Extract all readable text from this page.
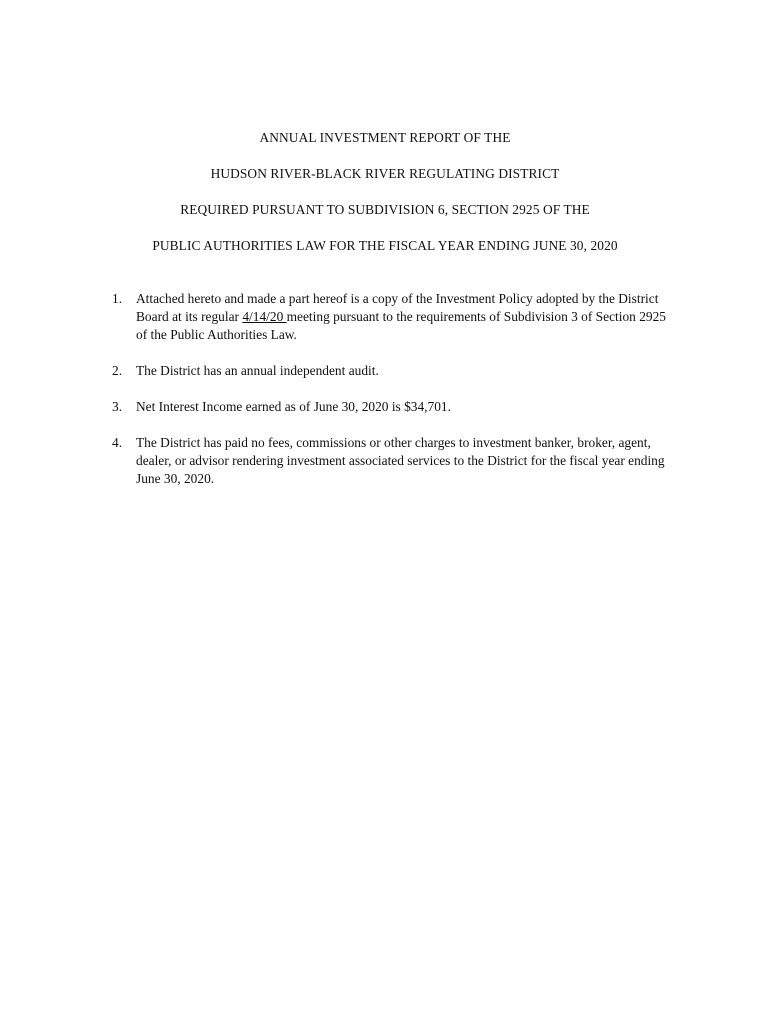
ANNUAL INVESTMENT REPORT OF THE

HUDSON RIVER-BLACK RIVER REGULATING DISTRICT

REQUIRED PURSUANT TO SUBDIVISION 6, SECTION 2925 OF THE

PUBLIC AUTHORITIES LAW FOR THE FISCAL YEAR ENDING JUNE 30, 2020

1. Attached hereto and made a part hereof is a copy of the Investment Policy adopted by the District Board at its regular 4/14/20 meeting pursuant to the requirements of Subdivision 3 of Section 2925 of the Public Authorities Law.
2. The District has an annual independent audit.
3. Net Interest Income earned as of June 30, 2020 is $34,701.
4. The District has paid no fees, commissions or other charges to investment banker, broker, agent, dealer, or advisor rendering investment associated services to the District for the fiscal year ending June 30, 2020.
